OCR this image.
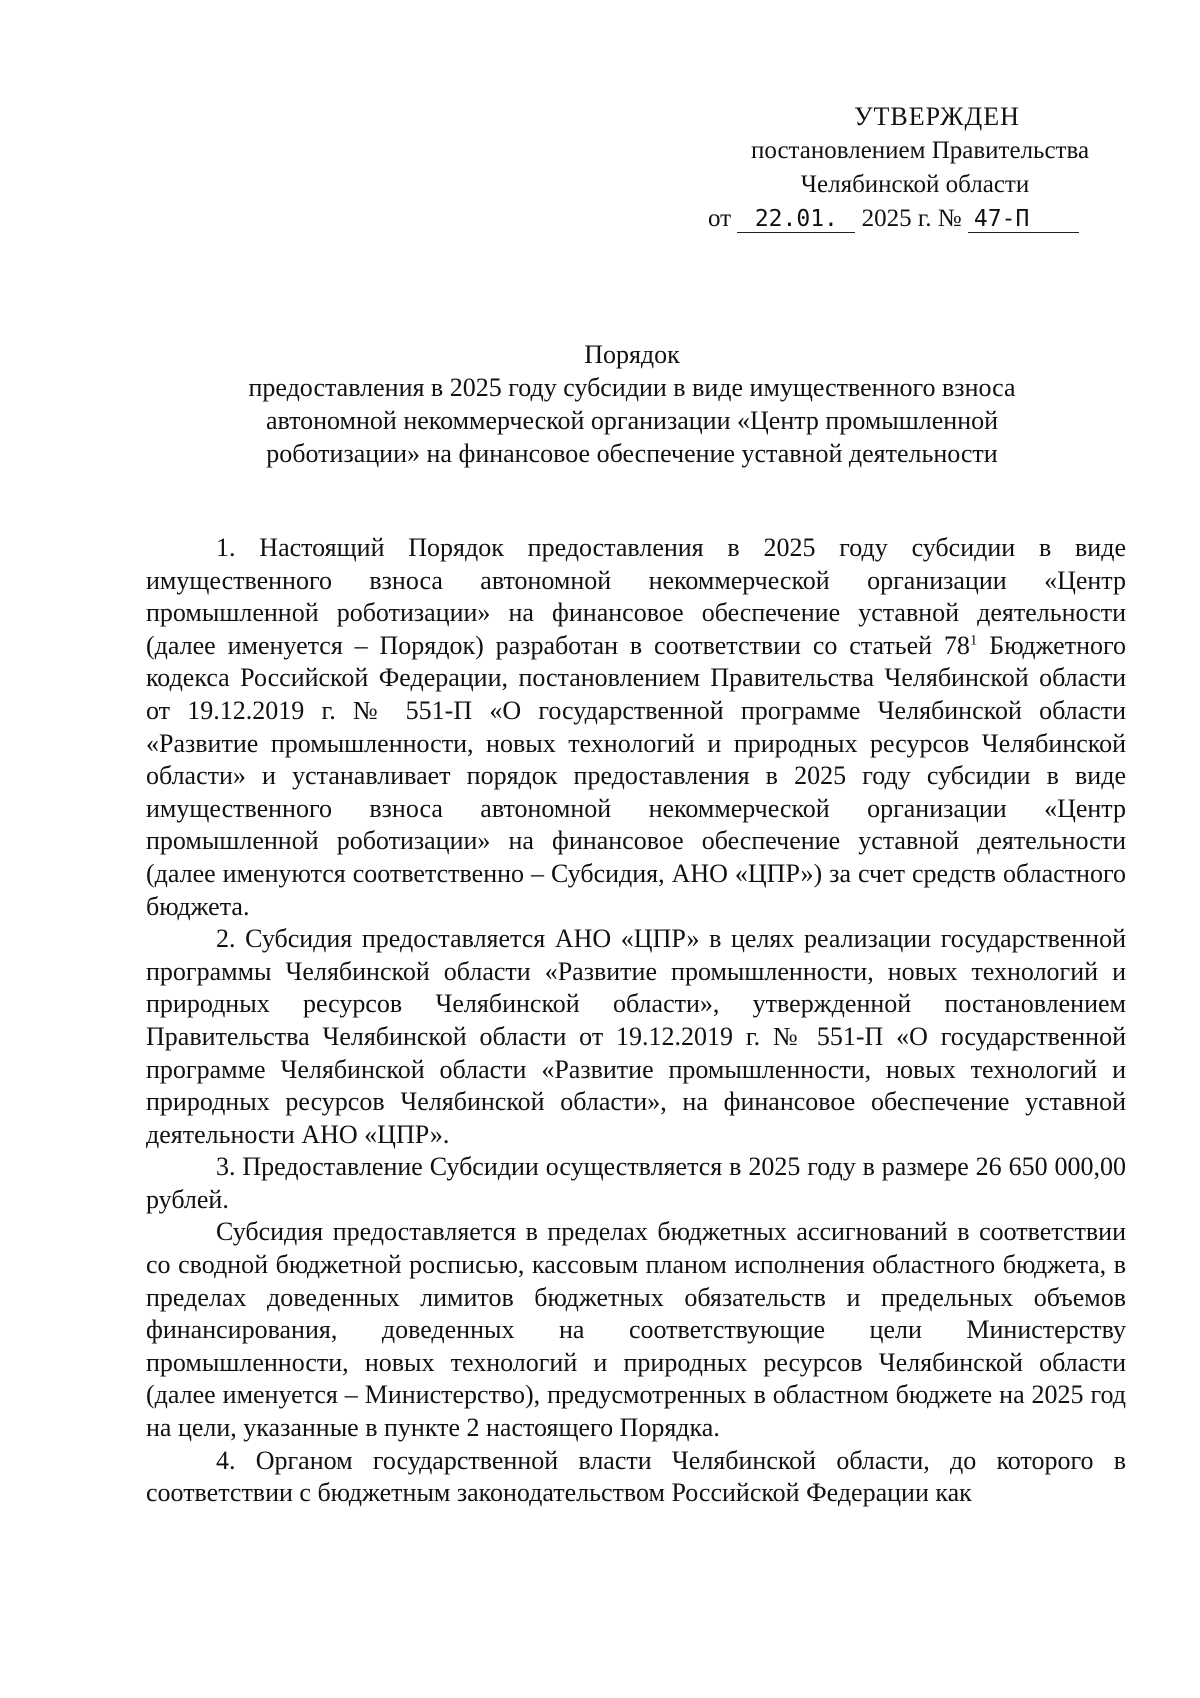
УТВЕРЖДЕН
постановлением Правительства
Челябинской области
от 22.01. 2025 г. № 47-П
Порядок
предоставления в 2025 году субсидии в виде имущественного взноса
автономной некоммерческой организации «Центр промышленной
роботизации» на финансовое обеспечение уставной деятельности

1. Настоящий Порядок предоставления в 2025 году субсидии в виде имущественного взноса автономной некоммерческой организации «Центр промышленной роботизации» на финансовое обеспечение уставной деятельности (далее именуется – Порядок) разработан в соответствии со статьей $78^1$ Бюджетного кодекса Российской Федерации, постановлением Правительства Челябинской области от 19.12.2019 г. № 551-П «О государственной программе Челябинской области «Развитие промышленности, новых технологий и природных ресурсов Челябинской области» и устанавливает порядок предоставления в 2025 году субсидии в виде имущественного взноса автономной некоммерческой организации «Центр промышленной роботизации» на финансовое обеспечение уставной деятельности (далее именуются соответственно – Субсидия, АНО «ЦПР») за счет средств областного бюджета.

2. Субсидия предоставляется АНО «ЦПР» в целях реализации государственной программы Челябинской области «Развитие промышленности, новых технологий и природных ресурсов Челябинской области», утвержденной постановлением Правительства Челябинской области от 19.12.2019 г. № 551-П «О государственной программе Челябинской области «Развитие промышленности, новых технологий и природных ресурсов Челябинской области», на финансовое обеспечение уставной деятельности АНО «ЦПР».

3. Предоставление Субсидии осуществляется в 2025 году в размере 26 650 000,00 рублей.

Субсидия предоставляется в пределах бюджетных ассигнований в соответствии со сводной бюджетной росписью, кассовым планом исполнения областного бюджета, в пределах доведенных лимитов бюджетных обязательств и предельных объемов финансирования, доведенных на соответствующие цели Министерству промышленности, новых технологий и природных ресурсов Челябинской области (далее именуется – Министерство), предусмотренных в областном бюджете на 2025 год на цели, указанные в пункте 2 настоящего Порядка.

4. Органом государственной власти Челябинской области, до которого в соответствии с бюджетным законодательством Российской Федерации как
